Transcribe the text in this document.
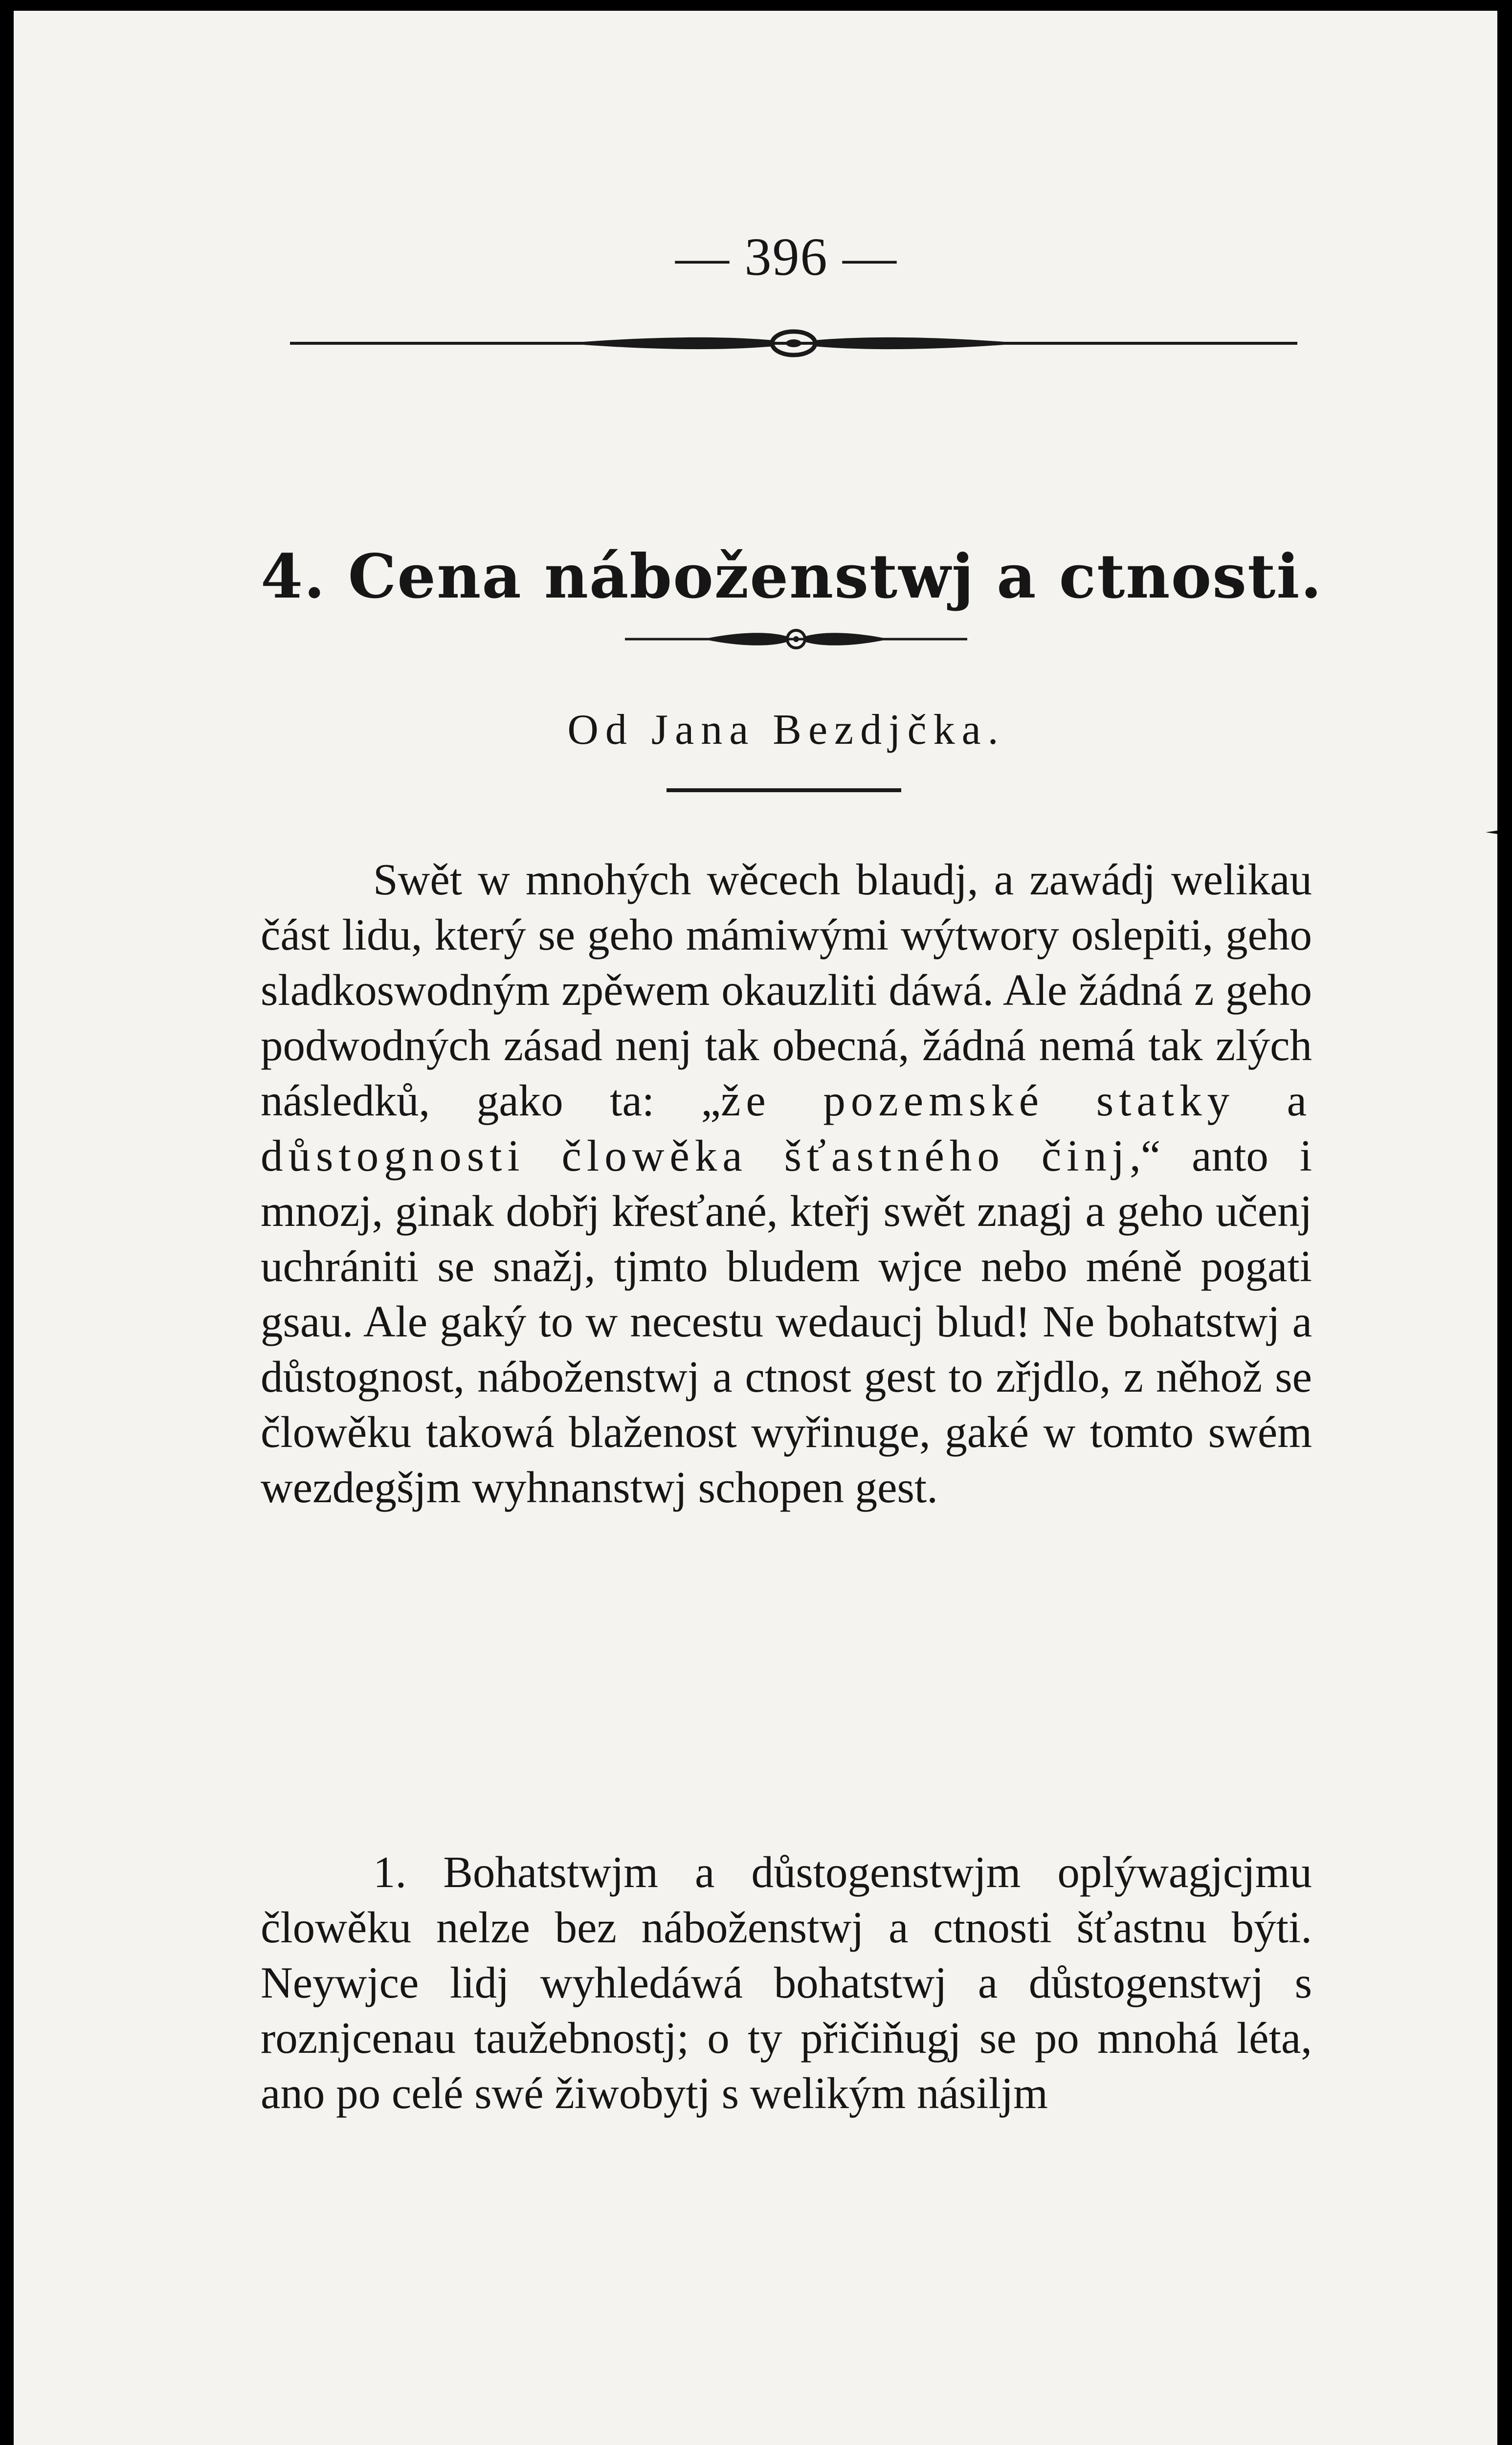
— 396 —
4. Cena náboženstwj a ctnosti.
Od Jana Bezdjčka.

Swět w mnohých wěcech blaudj, a zawádj welikau část lidu, který se geho mámiwými wýtwory oslepiti, geho sladkoswodným zpěwem okauzliti dáwá. Ale žádná z geho podwodných zásad nenj tak obecná, žádná nemá tak zlých následků, gako ta: „že pozemské statky a důstognosti člowěka šťastného činj,“ anto i mnozj, ginak dobřj křesťané, kteřj swět znagj a geho učenj uchrániti se snažj, tjmto bludem wjce nebo méně pogati gsau. Ale gaký to w necestu wedaucj blud! Ne bohatstwj a důstognost, náboženstwj a ctnost gest to zřjdlo, z něhož se člowěku takowá blaženost wyřinuge, gaké w tomto swém wezdegšjm wyhnanstwj schopen gest.

1. Bohatstwjm a důstogenstwjm oplýwagjcjmu člowěku nelze bez náboženstwj a ctnosti šťastnu býti. Neywjce lidj wyhledáwá bohatstwj a důstogenstwj s roznjcenau taužebnostj; o ty přičiňugj se po mnohá léta, ano po celé swé žiwobytj s welikým násiljm
